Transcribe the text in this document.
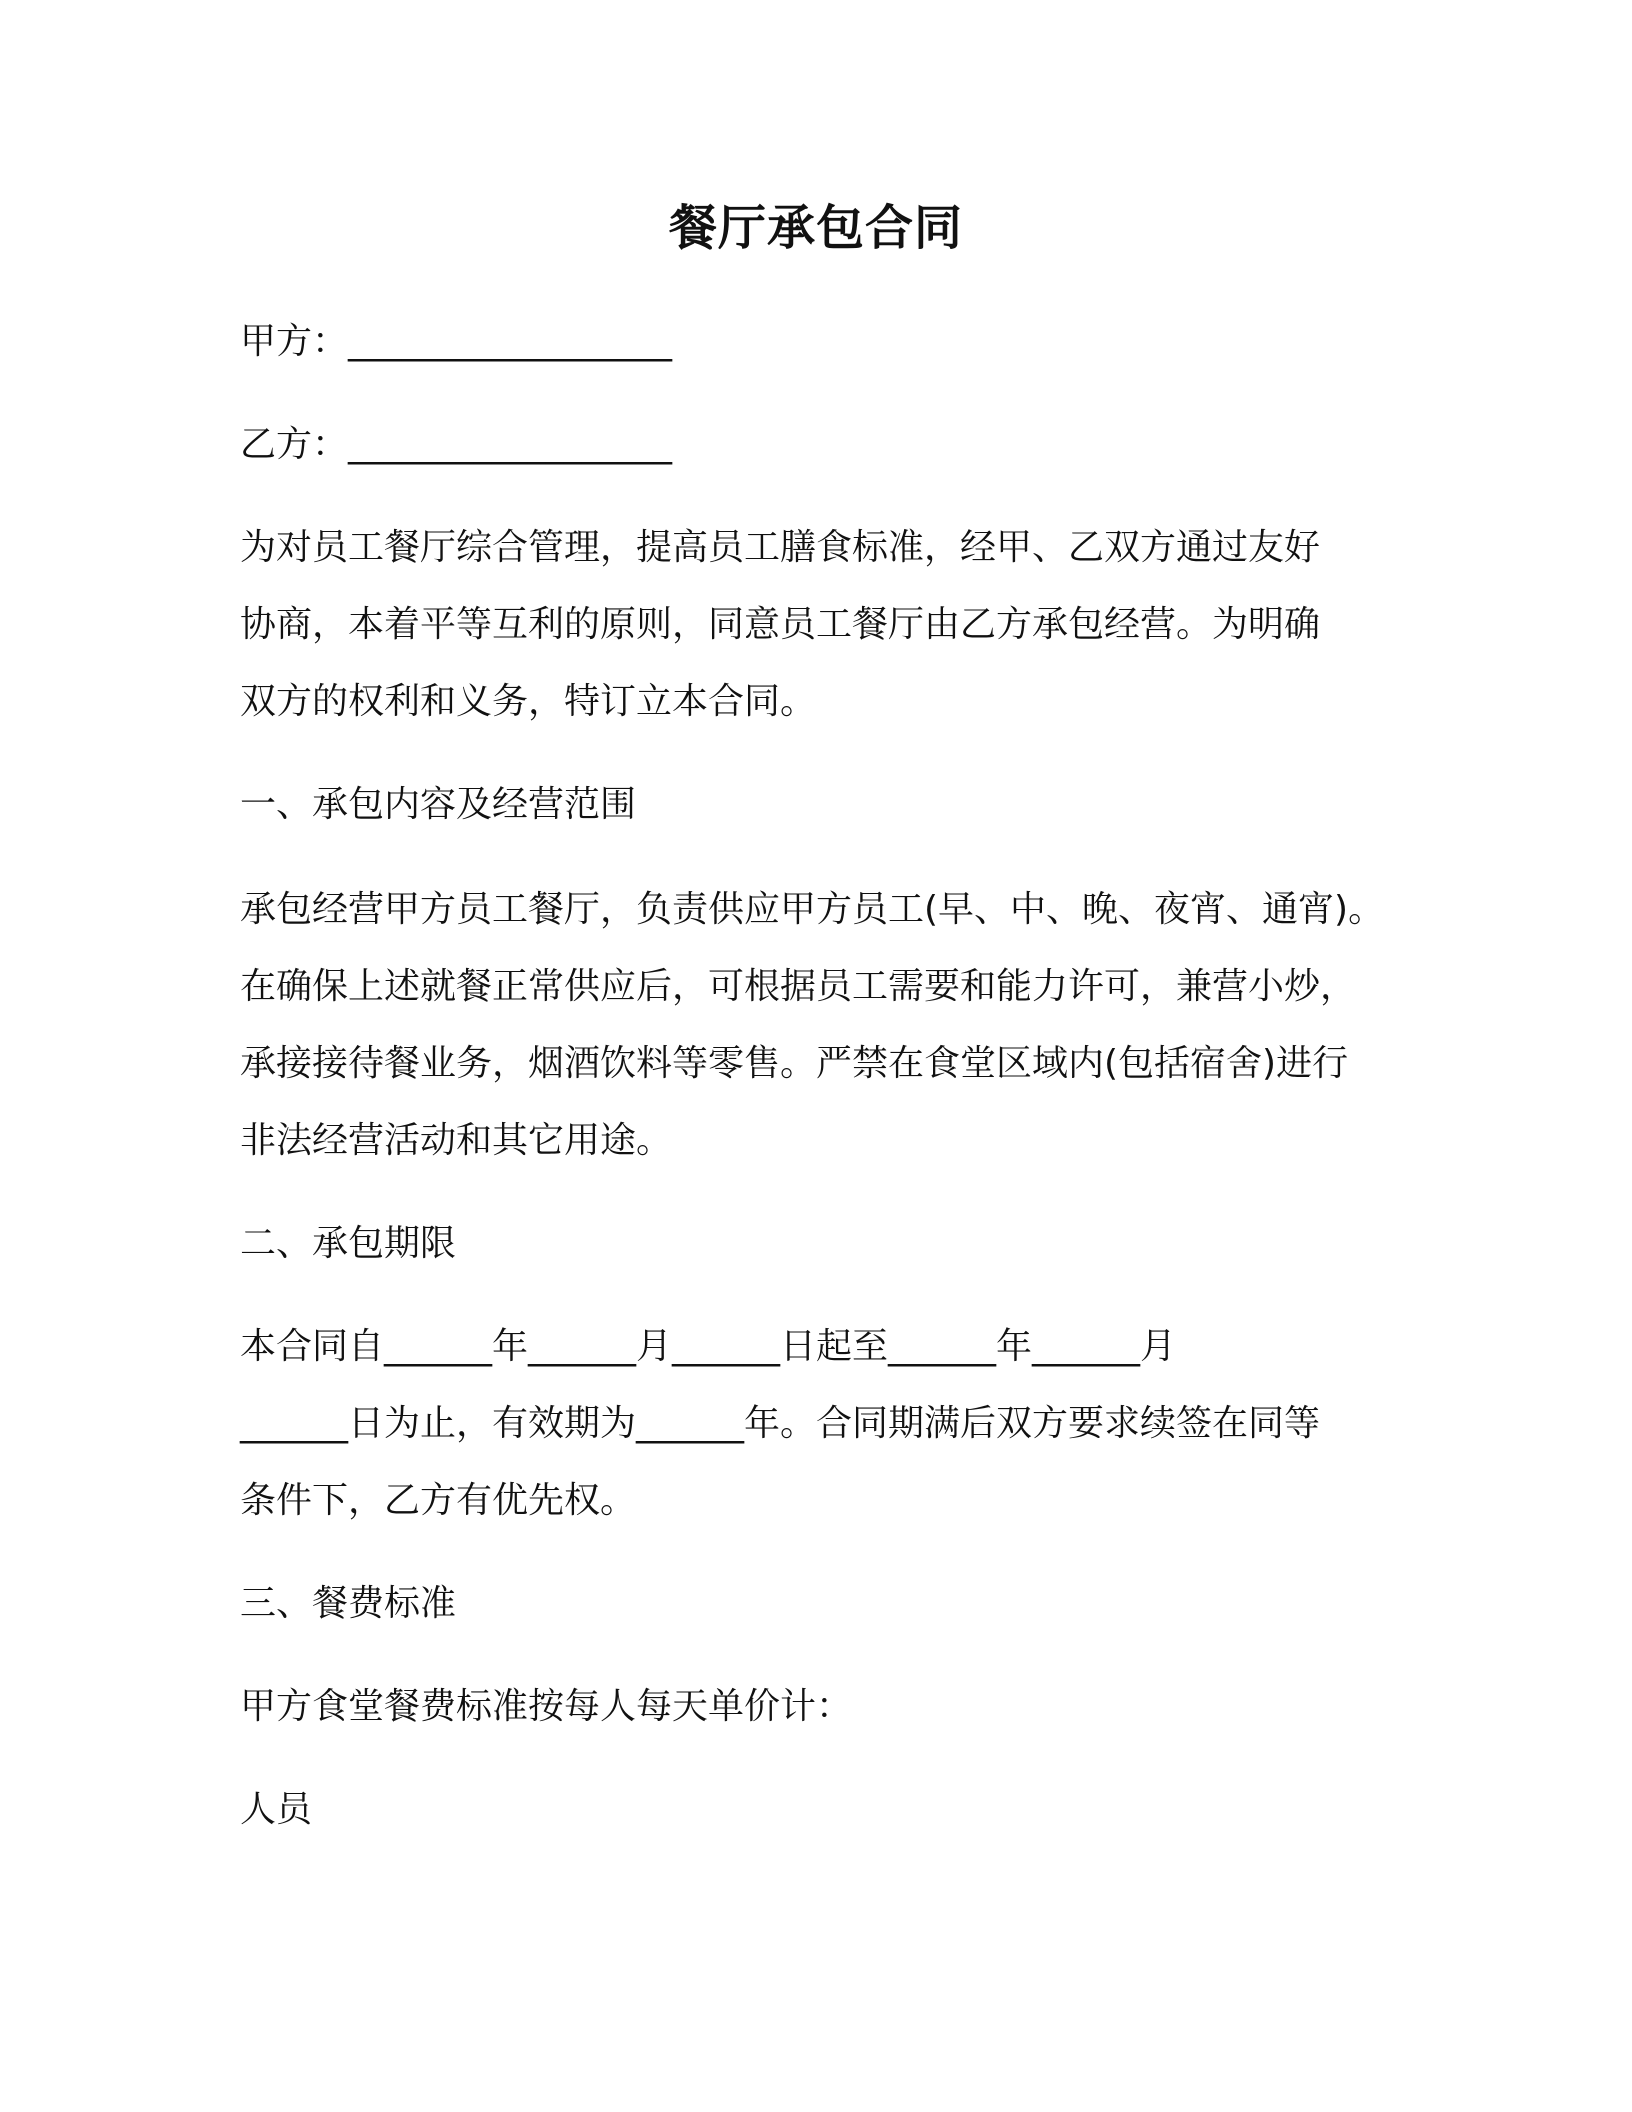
餐厅承包合同
甲方：__________________
乙方：__________________
为对员工餐厅综合管理，提高员工膳食标准，经甲、乙双方通过友好
协商，本着平等互利的原则，同意员工餐厅由乙方承包经营。为明确
双方的权利和义务，特订立本合同。
一、承包内容及经营范围
承包经营甲方员工餐厅，负责供应甲方员工(早、中、晚、夜宵、通宵)。
在确保上述就餐正常供应后，可根据员工需要和能力许可，兼营小炒，
承接接待餐业务，烟酒饮料等零售。严禁在食堂区域内(包括宿舍)进行
非法经营活动和其它用途。
二、承包期限
本合同自______年______月______日起至______年______月
______日为止，有效期为______年。合同期满后双方要求续签在同等
条件下，乙方有优先权。
三、餐费标准
甲方食堂餐费标准按每人每天单价计：
人员
